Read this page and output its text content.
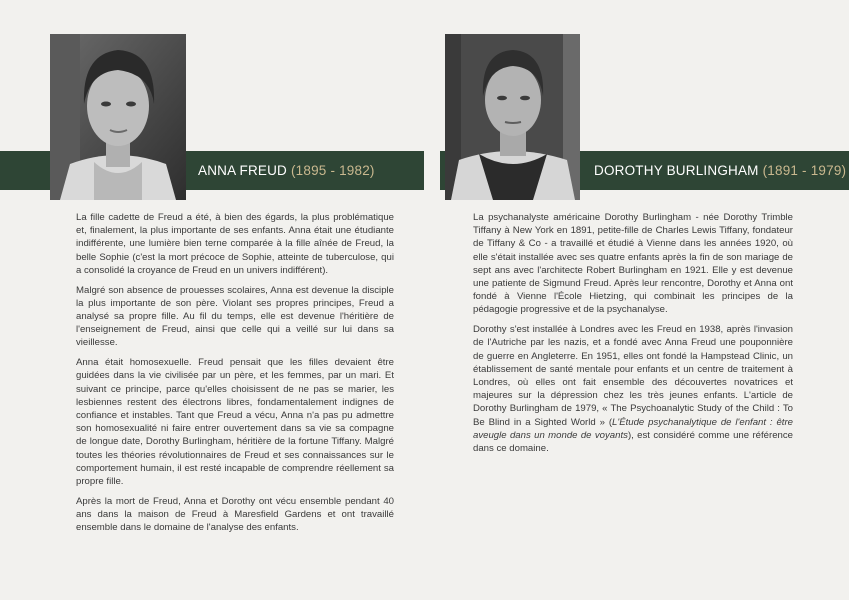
ANNA FREUD (1895 - 1982)	DOROTHY BURLINGHAM (1891 - 1979)

La fille cadette de Freud a été, à bien des égards, la plus problématique et, finalement, la plus importante de ses enfants. Anna était une étudiante indifférente, une lumière bien terne comparée à la fille aînée de Freud, la belle Sophie (c'est la mort précoce de Sophie, atteinte de tuberculose, qui a consolidé la croyance de Freud en un univers indifférent).

Malgré son absence de prouesses scolaires, Anna est devenue la disciple la plus importante de son père. Violant ses propres principes, Freud a analysé sa propre fille. Au fil du temps, elle est devenue l'héritière de l'enseignement de Freud, ainsi que celle qui a veillé sur lui dans sa vieillesse.

Anna était homosexuelle. Freud pensait que les filles devaient être guidées dans la vie civilisée par un père, et les femmes, par un mari. Et suivant ce principe, parce qu'elles choisissent de ne pas se marier, les lesbiennes restent des électrons libres, fondamentalement indignes de confiance et instables. Tant que Freud a vécu, Anna n'a pas pu admettre son homosexualité ni faire entrer ouvertement dans sa vie sa compagne de longue date, Dorothy Burlingham, héritière de la fortune Tiffany. Malgré toutes les théories révolutionnaires de Freud et ses connaissances sur le comportement humain, il est resté incapable de comprendre réellement sa propre fille.

Après la mort de Freud, Anna et Dorothy ont vécu ensemble pendant 40 ans dans la maison de Freud à Maresfield Gardens et ont travaillé ensemble dans le domaine de l'analyse des enfants.

La psychanalyste américaine Dorothy Burlingham - née Dorothy Trimble Tiffany à New York en 1891, petite-fille de Charles Lewis Tiffany, fondateur de Tiffany & Co - a travaillé et étudié à Vienne dans les années 1920, où elle s'était installée avec ses quatre enfants après la fin de son mariage de sept ans avec l'architecte Robert Burlingham en 1921. Elle y est devenue une patiente de Sigmund Freud. Après leur rencontre, Dorothy et Anna ont fondé à Vienne l'École Hietzing, qui combinait les principes de la pédagogie progressive et de la psychanalyse.

Dorothy s'est installée à Londres avec les Freud en 1938, après l'invasion de l'Autriche par les nazis, et a fondé avec Anna Freud une pouponnière de guerre en Angleterre. En 1951, elles ont fondé la Hampstead Clinic, un établissement de santé mentale pour enfants et un centre de traitement à Londres, où elles ont fait ensemble des découvertes novatrices et majeures sur la dépression chez les très jeunes enfants. L'article de Dorothy Burlingham de 1979, « The Psychoanalytic Study of the Child : To Be Blind in a Sighted World » (L'Étude psychanalytique de l'enfant : être aveugle dans un monde de voyants), est considéré comme une référence dans ce domaine.
